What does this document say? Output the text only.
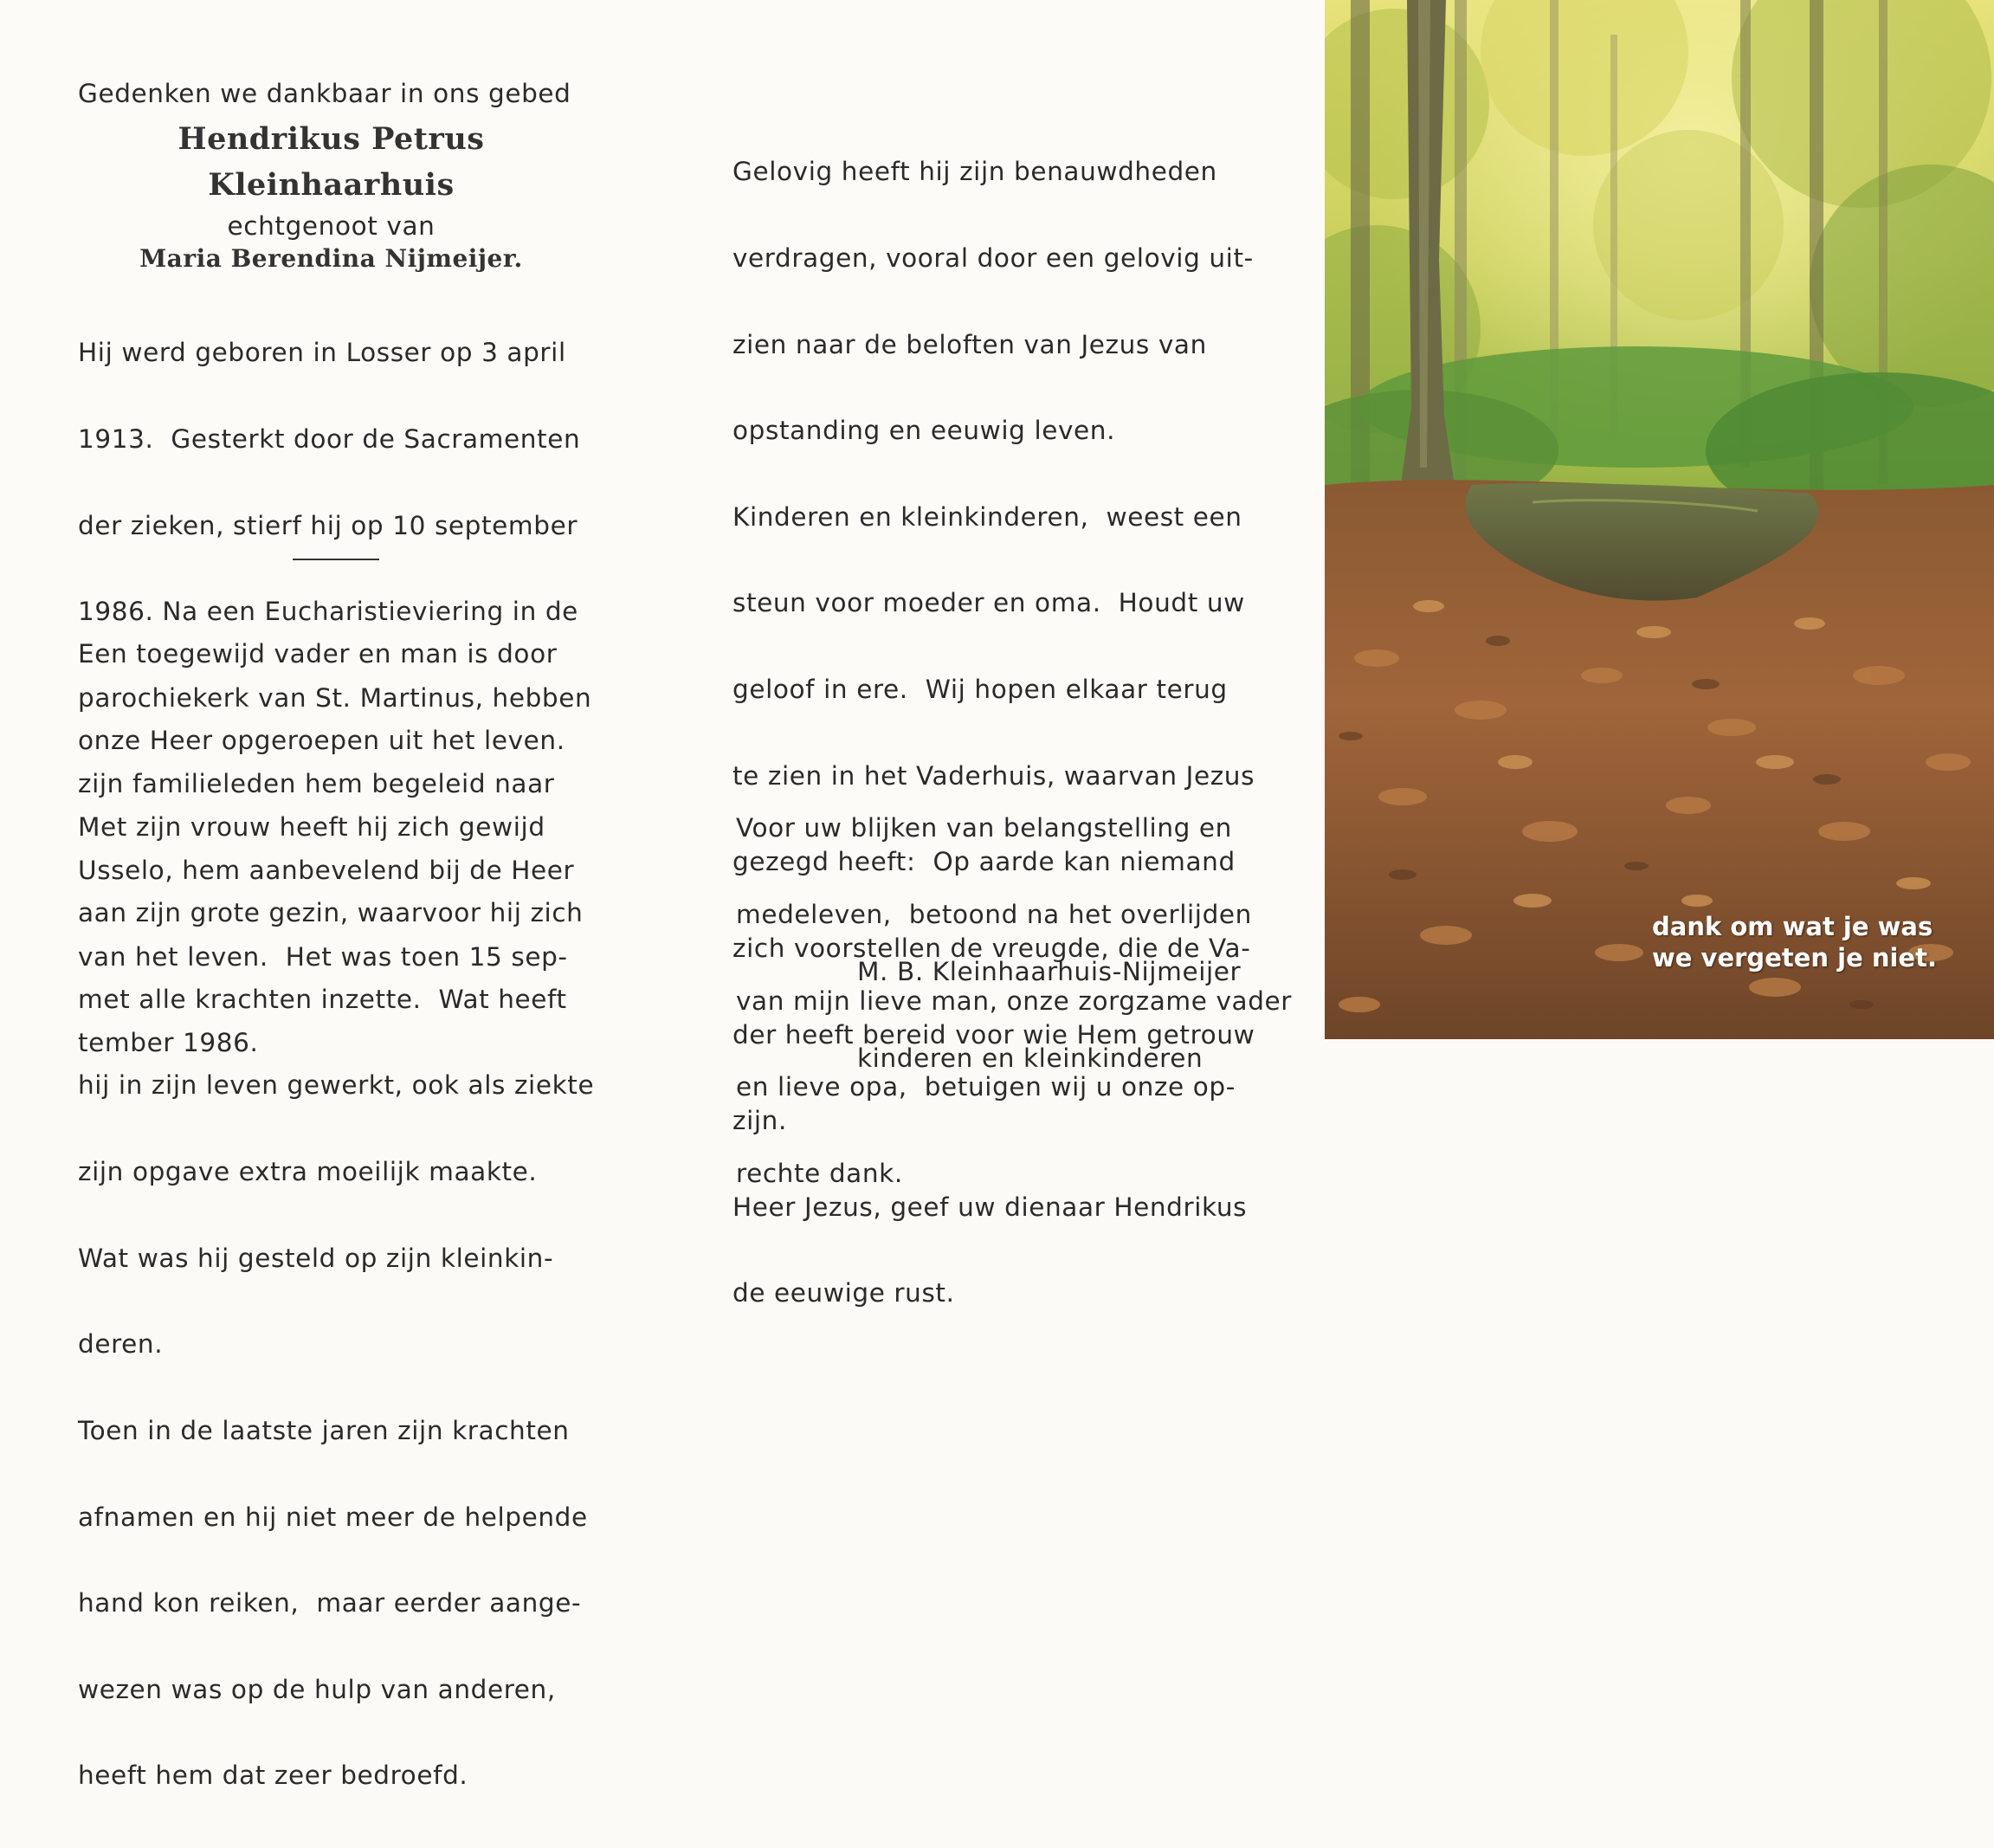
Gedenken we dankbaar in ons gebed
Hendrikus Petrus
Kleinhaarhuis
echtgenoot van
Maria Berendina Nijmeijer.

Hij werd geboren in Losser op 3 april

1913.  Gesterkt door de Sacramenten

der zieken, stierf hij op 10 september

1986. Na een Eucharistieviering in de

parochiekerk van St. Martinus, hebben

zijn familieleden hem begeleid naar

Usselo, hem aanbevelend bij de Heer

van het leven.  Het was toen 15 sep-

tember 1986.

Een toegewijd vader en man is door

onze Heer opgeroepen uit het leven.

Met zijn vrouw heeft hij zich gewijd

aan zijn grote gezin, waarvoor hij zich

met alle krachten inzette.  Wat heeft

hij in zijn leven gewerkt, ook als ziekte

zijn opgave extra moeilijk maakte.

Wat was hij gesteld op zijn kleinkin-

deren.

Toen in de laatste jaren zijn krachten

afnamen en hij niet meer de helpende

hand kon reiken,  maar eerder aange-

wezen was op de hulp van anderen,

heeft hem dat zeer bedroefd.

Gelovig heeft hij zijn benauwdheden

verdragen, vooral door een gelovig uit-

zien naar de beloften van Jezus van

opstanding en eeuwig leven.

Kinderen en kleinkinderen,  weest een

steun voor moeder en oma.  Houdt uw

geloof in ere.  Wij hopen elkaar terug

te zien in het Vaderhuis, waarvan Jezus

gezegd heeft:  Op aarde kan niemand

zich voorstellen de vreugde, die de Va-

der heeft bereid voor wie Hem getrouw

zijn.

Heer Jezus, geef uw dienaar Hendrikus

de eeuwige rust.

Voor uw blijken van belangstelling en

medeleven,  betoond na het overlijden

van mijn lieve man, onze zorgzame vader

en lieve opa,  betuigen wij u onze op-

rechte dank.

M. B. Kleinhaarhuis-Nijmeijer

kinderen en kleinkinderen

dank om wat je was
we vergeten je niet.
